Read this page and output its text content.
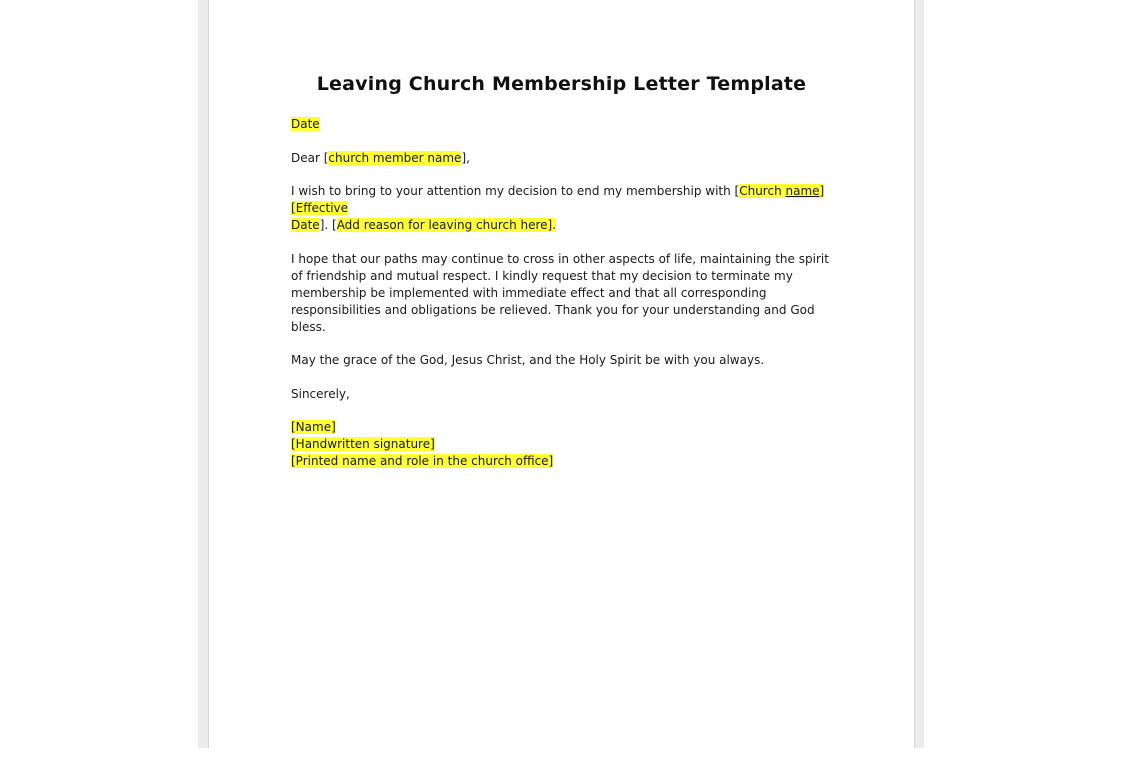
Leaving Church Membership Letter Template
Date
Dear [church member name],
I wish to bring to your attention my decision to end my membership with [Church name][Effective
Date]. [Add reason for leaving church here].
I hope that our paths may continue to cross in other aspects of life, maintaining the spirit of friendship and mutual respect. I kindly request that my decision to terminate my membership be implemented with immediate effect and that all corresponding responsibilities and obligations be relieved. Thank you for your understanding and God bless.
May the grace of the God, Jesus Christ, and the Holy Spirit be with you always.
Sincerely,
[Name]
[Handwritten signature]
[Printed name and role in the church office]
